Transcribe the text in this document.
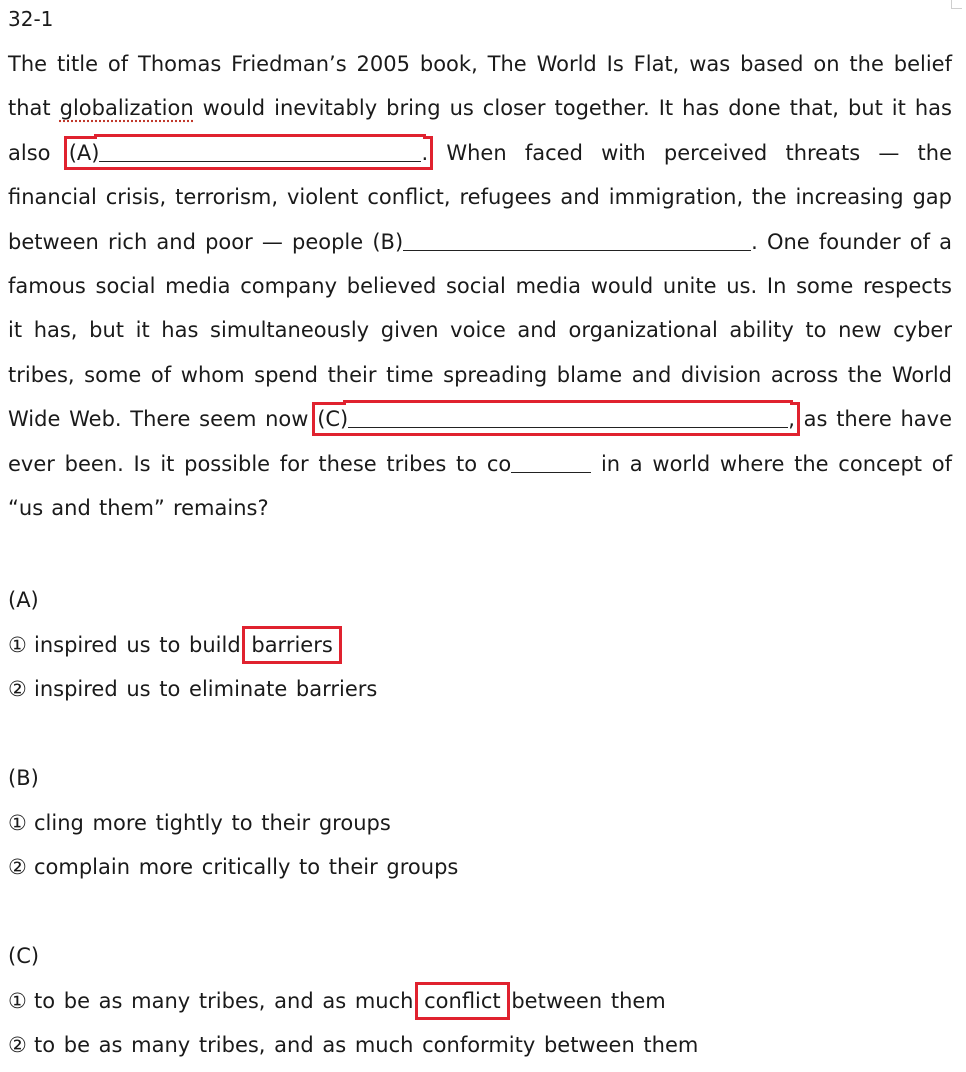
32-1

The title of Thomas Friedman’s 2005 book, The World Is Flat, was based on the belief that globalization would inevitably bring us closer together. It has done that, but it has also (A)	. When faced with perceived threats — the financial crisis, terrorism, violent conflict, refugees and immigration, the increasing gap between rich and poor — people (B)	. One founder of a famous social media company believed social media would unite us. In some respects it has, but it has simultaneously given voice and organizational ability to new cyber tribes, some of whom spend their time spreading blame and division across the World Wide Web. There seem now (C)	, as there have ever been. Is it possible for these tribes to co	in a world where the concept of “us and them” remains?

(A)
① inspired us to build barriers
② inspired us to eliminate barriers
(B)
① cling more tightly to their groups
② complain more critically to their groups
(C)
① to be as many tribes, and as much conflict between them
② to be as many tribes, and as much conformity between them
